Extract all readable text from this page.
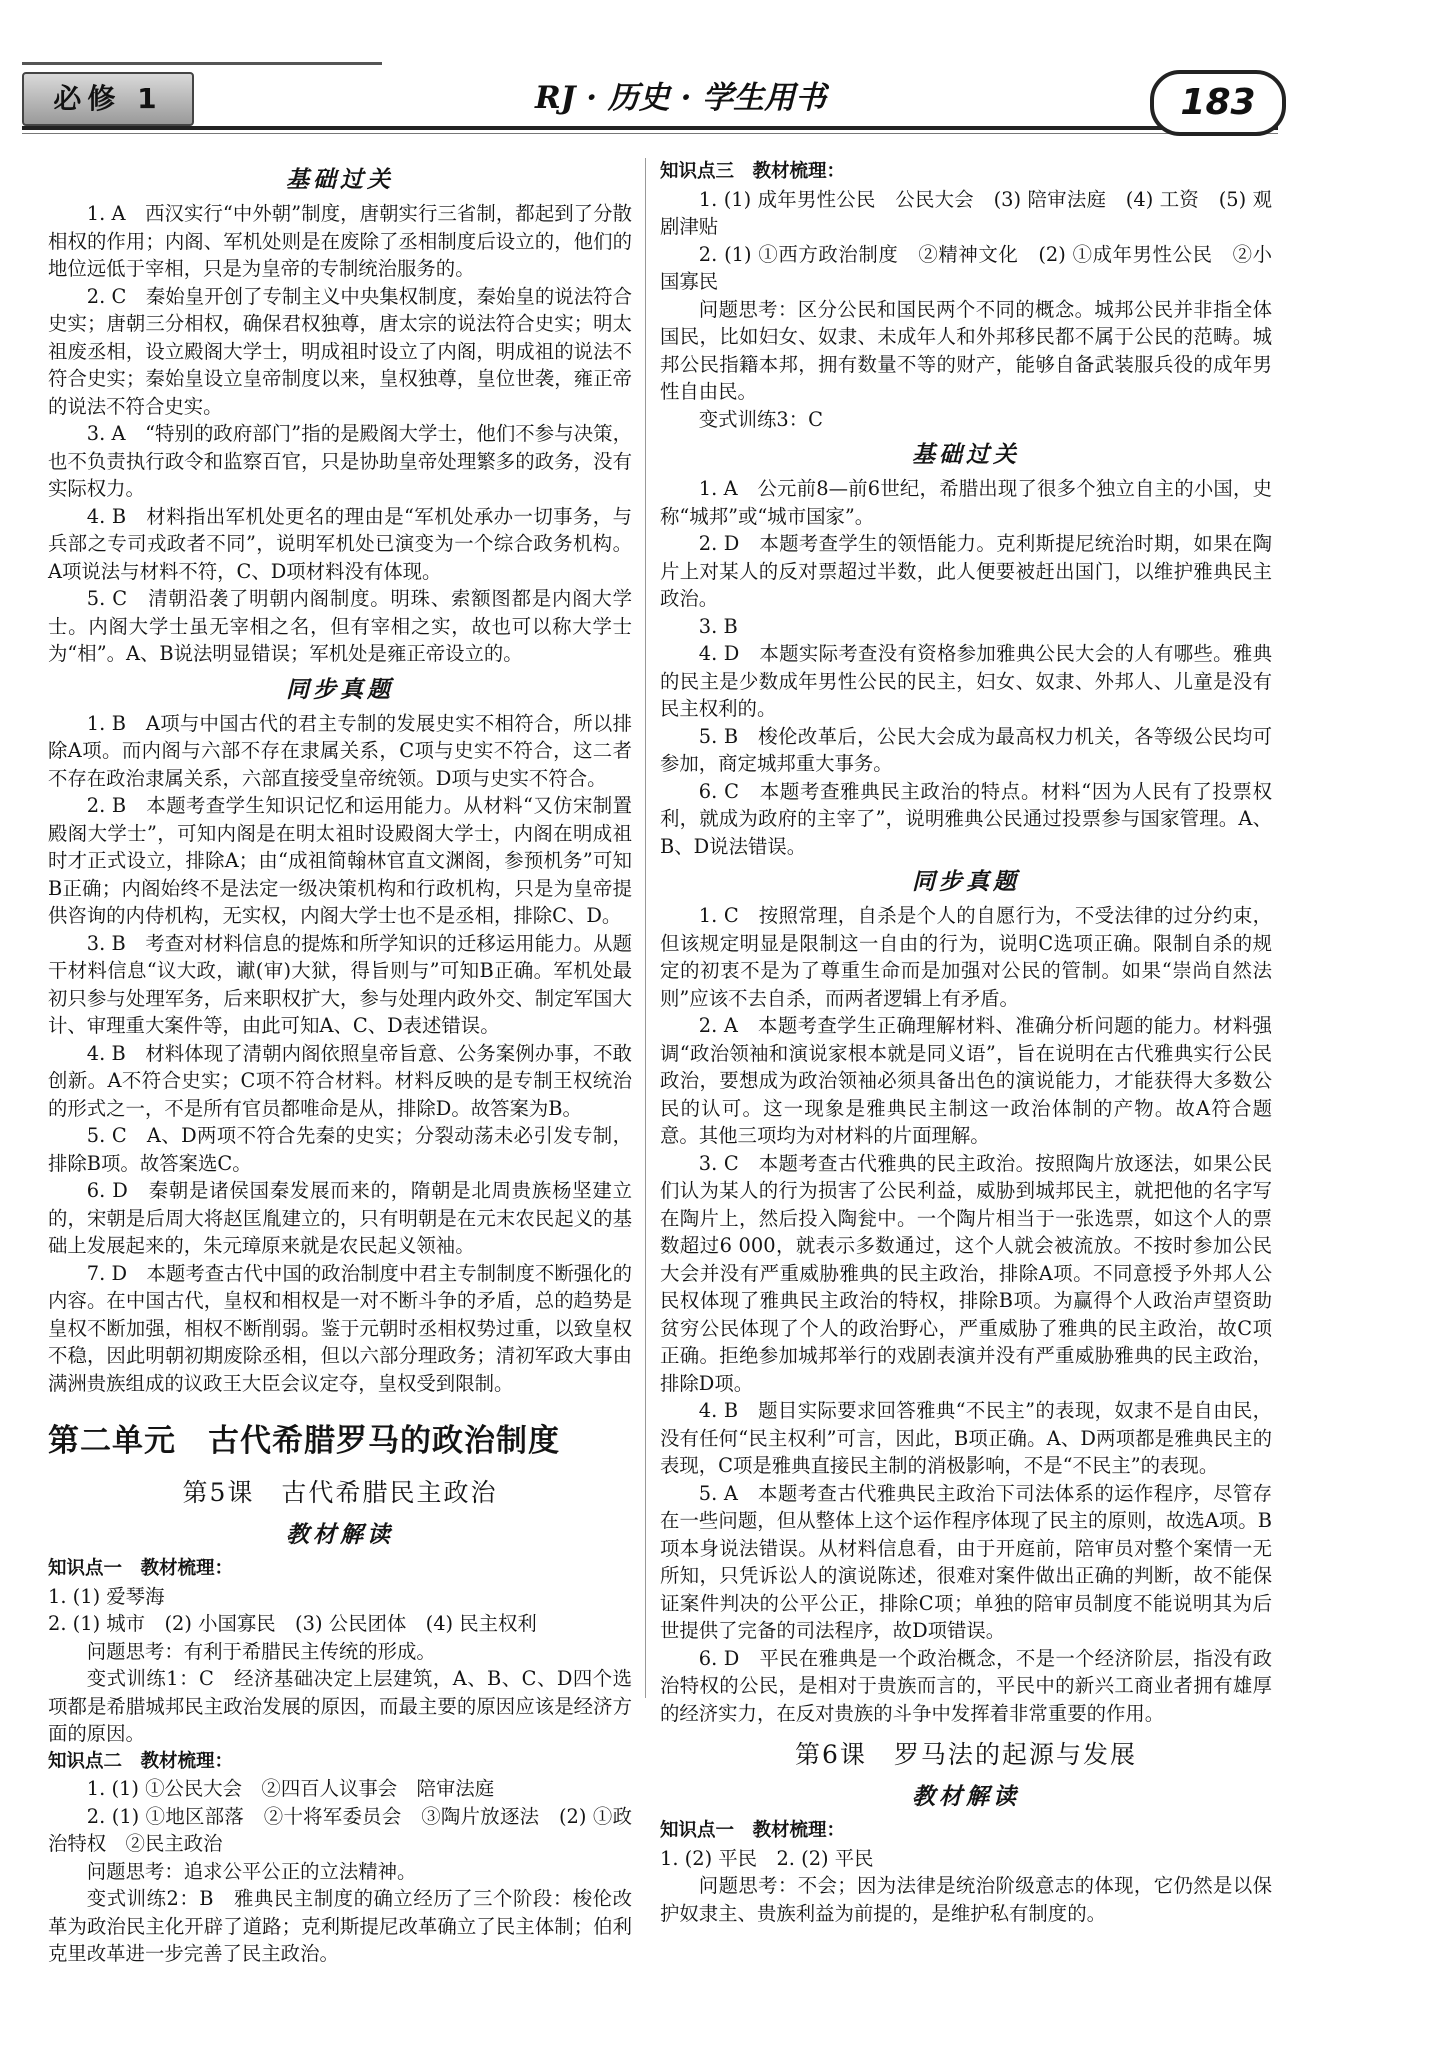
必修 1	RJ · 历史 · 学生用书	183
基础过关

1. A　西汉实行“中外朝”制度，唐朝实行三省制，都起到了分散相权的作用；内阁、军机处则是在废除了丞相制度后设立的，他们的地位远低于宰相，只是为皇帝的专制统治服务的。

2. C　秦始皇开创了专制主义中央集权制度，秦始皇的说法符合史实；唐朝三分相权，确保君权独尊，唐太宗的说法符合史实；明太祖废丞相，设立殿阁大学士，明成祖时设立了内阁，明成祖的说法不符合史实；秦始皇设立皇帝制度以来，皇权独尊，皇位世袭，雍正帝的说法不符合史实。

3. A　“特别的政府部门”指的是殿阁大学士，他们不参与决策，也不负责执行政令和监察百官，只是协助皇帝处理繁多的政务，没有实际权力。

4. B　材料指出军机处更名的理由是“军机处承办一切事务，与兵部之专司戎政者不同”，说明军机处已演变为一个综合政务机构。A项说法与材料不符，C、D项材料没有体现。

5. C　清朝沿袭了明朝内阁制度。明珠、索额图都是内阁大学士。内阁大学士虽无宰相之名，但有宰相之实，故也可以称大学士为“相”。A、B说法明显错误；军机处是雍正帝设立的。

同步真题

1. B　A项与中国古代的君主专制的发展史实不相符合，所以排除A项。而内阁与六部不存在隶属关系，C项与史实不符合，这二者不存在政治隶属关系，六部直接受皇帝统领。D项与史实不符合。

2. B　本题考查学生知识记忆和运用能力。从材料“又仿宋制置殿阁大学士”，可知内阁是在明太祖时设殿阁大学士，内阁在明成祖时才正式设立，排除A；由“成祖简翰林官直文渊阁，参预机务”可知B正确；内阁始终不是法定一级决策机构和行政机构，只是为皇帝提供咨询的内侍机构，无实权，内阁大学士也不是丞相，排除C、D。

3. B　考查对材料信息的提炼和所学知识的迁移运用能力。从题干材料信息“议大政，谳(审)大狱，得旨则与”可知B正确。军机处最初只参与处理军务，后来职权扩大，参与处理内政外交、制定军国大计、审理重大案件等，由此可知A、C、D表述错误。

4. B　材料体现了清朝内阁依照皇帝旨意、公务案例办事，不敢创新。A不符合史实；C项不符合材料。材料反映的是专制王权统治的形式之一，不是所有官员都唯命是从，排除D。故答案为B。

5. C　A、D两项不符合先秦的史实；分裂动荡未必引发专制，排除B项。故答案选C。

6. D　秦朝是诸侯国秦发展而来的，隋朝是北周贵族杨坚建立的，宋朝是后周大将赵匡胤建立的，只有明朝是在元末农民起义的基础上发展起来的，朱元璋原来就是农民起义领袖。

7. D　本题考查古代中国的政治制度中君主专制制度不断强化的内容。在中国古代，皇权和相权是一对不断斗争的矛盾，总的趋势是皇权不断加强，相权不断削弱。鉴于元朝时丞相权势过重，以致皇权不稳，因此明朝初期废除丞相，但以六部分理政务；清初军政大事由满洲贵族组成的议政王大臣会议定夺，皇权受到限制。

第二单元　古代希腊罗马的政治制度
第5课　古代希腊民主政治
教材解读

知识点一　教材梳理：

1. (1) 爱琴海

2. (1) 城市　(2) 小国寡民　(3) 公民团体　(4) 民主权利

问题思考：有利于希腊民主传统的形成。

变式训练1：C　经济基础决定上层建筑，A、B、C、D四个选项都是希腊城邦民主政治发展的原因，而最主要的原因应该是经济方面的原因。

知识点二　教材梳理：

1. (1) ①公民大会　②四百人议事会　陪审法庭

2. (1) ①地区部落　②十将军委员会　③陶片放逐法　(2) ①政治特权　②民主政治

问题思考：追求公平公正的立法精神。

变式训练2：B　雅典民主制度的确立经历了三个阶段：梭伦改革为政治民主化开辟了道路；克利斯提尼改革确立了民主体制；伯利克里改革进一步完善了民主政治。

知识点三　教材梳理：

1. (1) 成年男性公民　公民大会　(3) 陪审法庭　(4) 工资　(5) 观剧津贴

2. (1) ①西方政治制度　②精神文化　(2) ①成年男性公民　②小国寡民

问题思考：区分公民和国民两个不同的概念。城邦公民并非指全体国民，比如妇女、奴隶、未成年人和外邦移民都不属于公民的范畴。城邦公民指籍本邦，拥有数量不等的财产，能够自备武装服兵役的成年男性自由民。

变式训练3：C

基础过关

1. A　公元前8—前6世纪，希腊出现了很多个独立自主的小国，史称“城邦”或“城市国家”。

2. D　本题考查学生的领悟能力。克利斯提尼统治时期，如果在陶片上对某人的反对票超过半数，此人便要被赶出国门，以维护雅典民主政治。

3. B

4. D　本题实际考查没有资格参加雅典公民大会的人有哪些。雅典的民主是少数成年男性公民的民主，妇女、奴隶、外邦人、儿童是没有民主权利的。

5. B　梭伦改革后，公民大会成为最高权力机关，各等级公民均可参加，商定城邦重大事务。

6. C　本题考查雅典民主政治的特点。材料“因为人民有了投票权利，就成为政府的主宰了”，说明雅典公民通过投票参与国家管理。A、B、D说法错误。

同步真题

1. C　按照常理，自杀是个人的自愿行为，不受法律的过分约束，但该规定明显是限制这一自由的行为，说明C选项正确。限制自杀的规定的初衷不是为了尊重生命而是加强对公民的管制。如果“崇尚自然法则”应该不去自杀，而两者逻辑上有矛盾。

2. A　本题考查学生正确理解材料、准确分析问题的能力。材料强调“政治领袖和演说家根本就是同义语”，旨在说明在古代雅典实行公民政治，要想成为政治领袖必须具备出色的演说能力，才能获得大多数公民的认可。这一现象是雅典民主制这一政治体制的产物。故A符合题意。其他三项均为对材料的片面理解。

3. C　本题考查古代雅典的民主政治。按照陶片放逐法，如果公民们认为某人的行为损害了公民利益，威胁到城邦民主，就把他的名字写在陶片上，然后投入陶瓮中。一个陶片相当于一张选票，如这个人的票数超过6 000，就表示多数通过，这个人就会被流放。不按时参加公民大会并没有严重威胁雅典的民主政治，排除A项。不同意授予外邦人公民权体现了雅典民主政治的特权，排除B项。为赢得个人政治声望资助贫穷公民体现了个人的政治野心，严重威胁了雅典的民主政治，故C项正确。拒绝参加城邦举行的戏剧表演并没有严重威胁雅典的民主政治，排除D项。

4. B　题目实际要求回答雅典“不民主”的表现，奴隶不是自由民，没有任何“民主权利”可言，因此，B项正确。A、D两项都是雅典民主的表现，C项是雅典直接民主制的消极影响，不是“不民主”的表现。

5. A　本题考查古代雅典民主政治下司法体系的运作程序，尽管存在一些问题，但从整体上这个运作程序体现了民主的原则，故选A项。B项本身说法错误。从材料信息看，由于开庭前，陪审员对整个案情一无所知，只凭诉讼人的演说陈述，很难对案件做出正确的判断，故不能保证案件判决的公平公正，排除C项；单独的陪审员制度不能说明其为后世提供了完备的司法程序，故D项错误。

6. D　平民在雅典是一个政治概念，不是一个经济阶层，指没有政治特权的公民，是相对于贵族而言的，平民中的新兴工商业者拥有雄厚的经济实力，在反对贵族的斗争中发挥着非常重要的作用。

第6课　罗马法的起源与发展
教材解读

知识点一　教材梳理：

1. (2) 平民　2. (2) 平民

问题思考：不会；因为法律是统治阶级意志的体现，它仍然是以保护奴隶主、贵族利益为前提的，是维护私有制度的。
